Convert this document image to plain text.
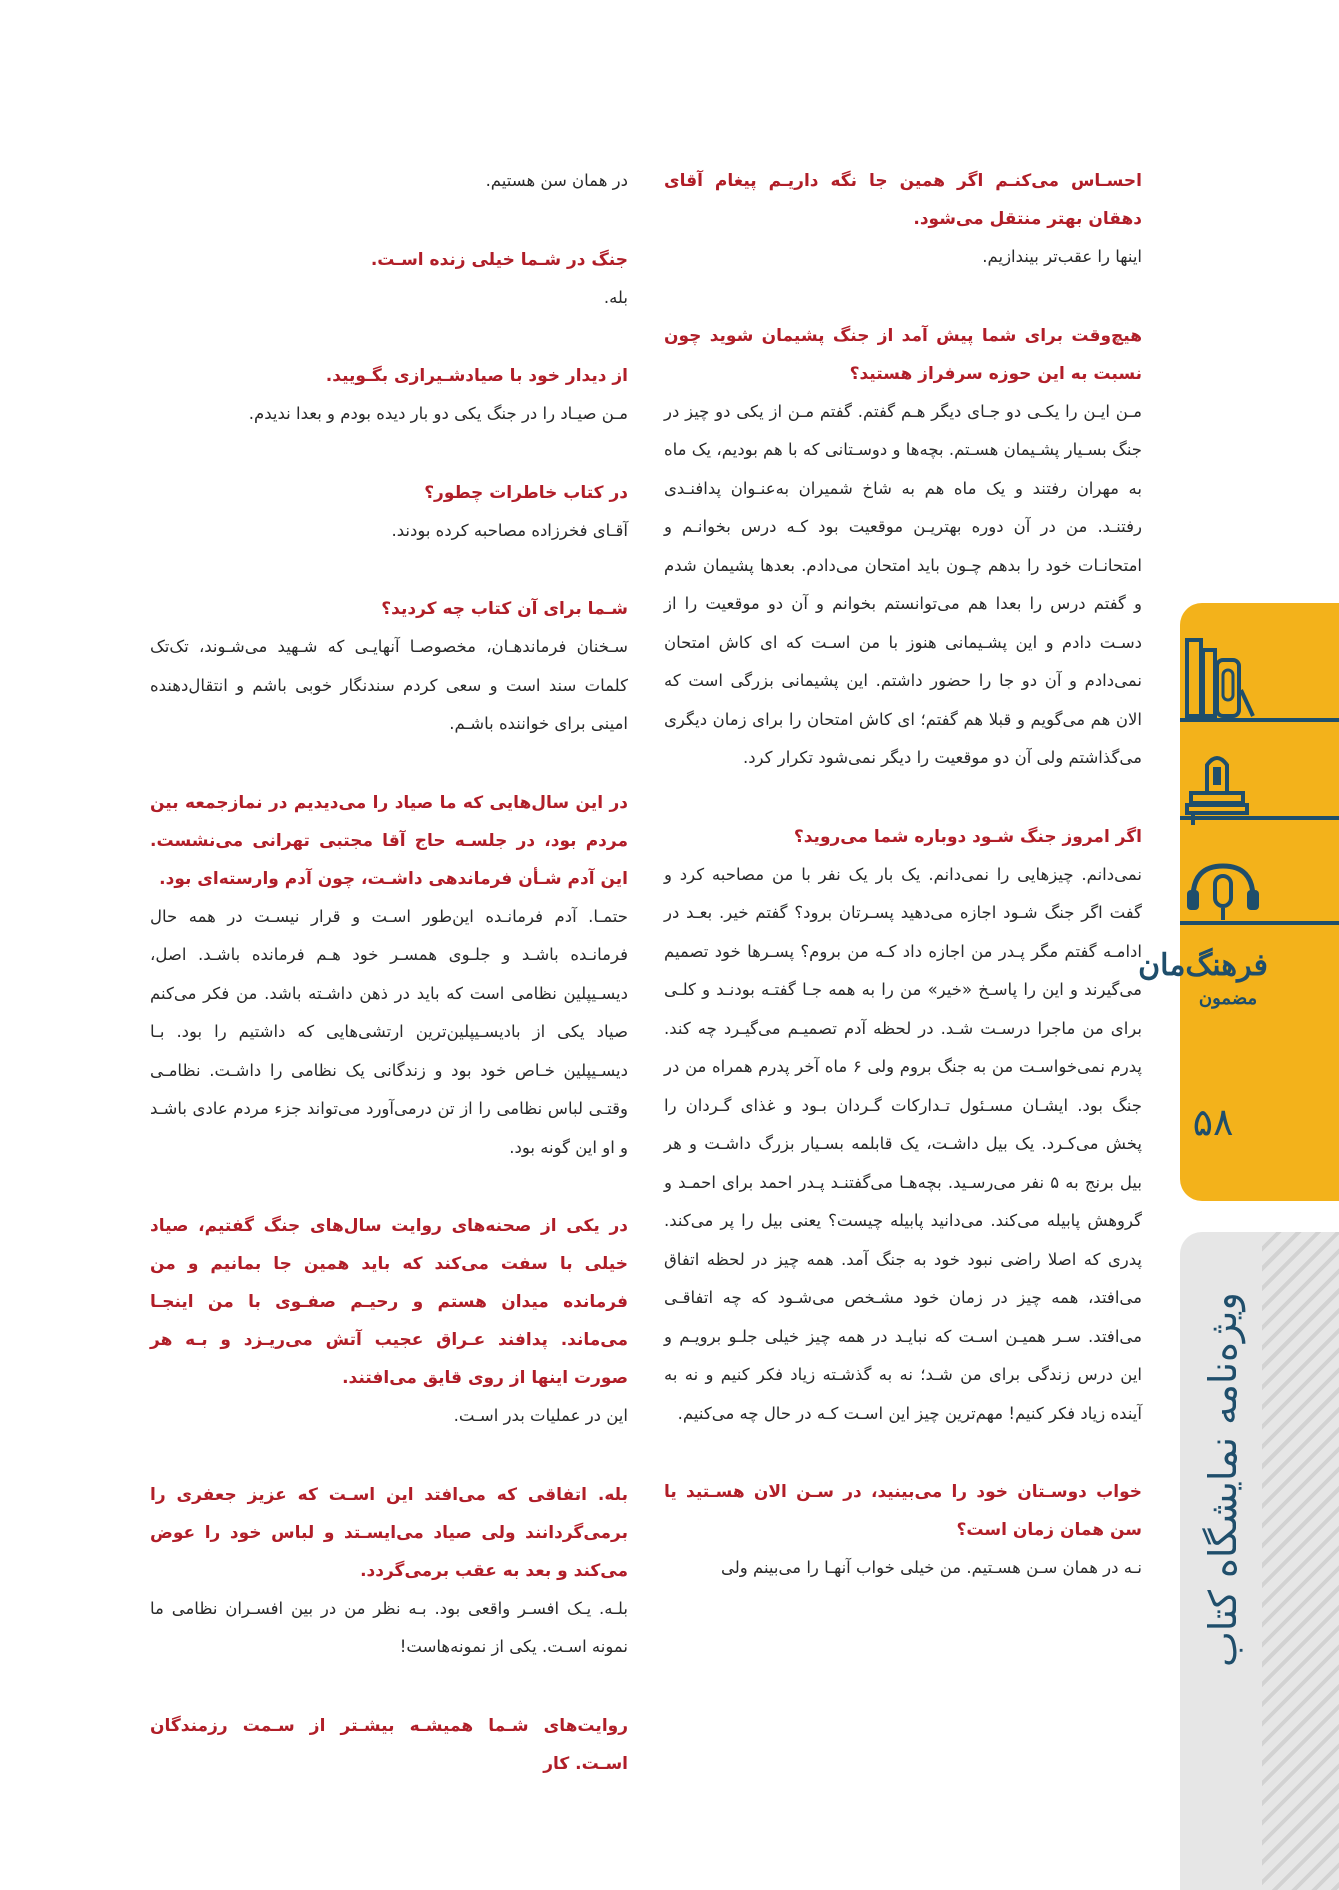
احسـاس می‌کنـم اگر همین جا نگه داریـم پیغام آقای دهقان بهتر منتقل می‌شود.

اینها را عقب‌تر بیندازیم.

هیچ‌وقت برای شما پیش آمد از جنگ پشیمان شوید چون نسبت به این حوزه سرفراز هستید؟

مـن ایـن را یکـی دو جـای دیگر هـم گفتم. گفتم مـن از یکی دو چیز در جنگ بسـیار پشـیمان هسـتم. بچه‌ها و دوسـتانی که با هم بودیم، یک ماه به مهران رفتند و یک ماه هم به شاخ شمیران به‌عنـوان پدافنـدی رفتنـد. من در آن دوره بهتریـن موقعیت بود کـه درس بخوانـم و امتحانـات خود را بدهم چـون باید امتحان می‌دادم. بعدها پشیمان شدم و گفتم درس را بعدا هم می‌توانستم بخوانم و آن دو موقعیت را از دسـت دادم و این پشـیمانی هنوز با من اسـت که ای کاش امتحان نمی‌دادم و آن دو جا را حضور داشتم. این پشیمانی بزرگی است که الان هم می‌گویم و قبلا هم گفتم؛ ای کاش امتحان را برای زمان دیگری می‌گذاشتم ولی آن دو موقعیت را دیگر نمی‌شود تکرار کرد.

اگر امروز جنگ شـود دوباره شما می‌روید؟

نمی‌دانم. چیزهایی را نمی‌دانم. یک بار یک نفر با من مصاحبه کرد و گفت اگر جنگ شـود اجازه می‌دهید پسـرتان برود؟ گفتم خیر. بعـد در ادامـه گفتم مگر پـدر من اجازه داد کـه من بروم؟ پسـرها خود تصمیم می‌گیرند و این را پاسـخ «خیر» من را به همه جـا گفتـه بودنـد و کلـی برای من ماجرا درسـت شـد. در لحظه آدم تصمیـم می‌گیـرد چه کند. پدرم نمی‌خواسـت من به جنگ بروم ولی ۶ ماه آخر پدرم همراه من در جنگ بود. ایشـان مسـئول تـدارکات گـردان بـود و غذای گـردان را پخش می‌کـرد. یک بیل داشـت، یک قابلمه بسـیار بزرگ داشـت و هر بیل برنج به ۵ نفر می‌رسـید. بچه‌هـا می‌گفتنـد پـدر احمد برای احمـد و گروهش پابیله می‌کند. می‌دانید پابیله چیست؟ یعنی بیل را پر می‌کند. پدری که اصلا راضی نبود خود به جنگ آمد. همه چیز در لحظه اتفاق می‌افتد، همه چیز در زمان خود مشـخص می‌شـود که چه اتفاقـی می‌افتد. سـر همیـن اسـت که نبایـد در همه چیز خیلی جلـو برویـم و این درس زندگی برای من شـد؛ نه به گذشـته زیاد فکر کنیم و نه به آینده زیاد فکر کنیم! مهم‌ترین چیز این اسـت کـه در حال چه می‌کنیم.

خواب دوسـتان خود را می‌بینید، در سـن الان هسـتید یا سن همان زمان است؟

نـه در همان سـن هسـتیم. من خیلی خواب آنهـا را می‌بینم ولی

در همان سن هستیم.

جنگ در شـما خیلی زنده اسـت.

بله.

از دیدار خود با صیادشـیرازی بگـویید.

مـن صیـاد را در جنگ یکی دو بار دیده بودم و بعدا ندیدم.

در کتاب خاطرات چطور؟

آقـای فخرزاده مصاحبه کرده بودند.

شـما برای آن کتاب چه کردید؟

سـخنان فرماندهـان، مخصوصـا آنهایـی که شـهید می‌شـوند، تک‌تک کلمات سند است و سعی کردم سندنگار خوبی باشم و انتقال‌دهنده امینی برای خواننده باشـم.

در این سال‌هایی که ما صیاد را می‌دیدیم در نمازجمعه بین مردم بود، در جلسـه حاج آقا مجتبی تهرانی می‌نشست. این آدم شـأن فرماندهی داشـت، چون آدم وارسته‌ای بود.

حتمـا. آدم فرمانـده این‌طور اسـت و قرار نیسـت در همه حال فرمانـده باشـد و جلـوی همسـر خود هـم فرمانده باشـد. اصل، دیسـیپلین نظامی است که باید در ذهن داشـته باشد. من فکر می‌کنم صیاد یکی از بادیسـیپلین‌ترین ارتشی‌هایی که داشتیم را بود. بـا دیسـیپلین خـاص خود بود و زندگانی یک نظامی را داشـت. نظامـی وقتـی لباس نظامی را از تن درمی‌آورد می‌تواند جزء مردم عادی باشـد و او این گونه بود.

در یکی از صحنه‌های روایت سال‌های جنگ گفتیم، صیاد خیلی با سفت می‌کند که باید همین جا بمانیم و من فرمانده میدان هستم و رحیـم صفـوی با من اینجـا می‌ماند. پدافند عـراق عجیب آتش می‌ریـزد و بـه هر صورت اینها از روی قایق می‌افتند.

این در عملیات بدر اسـت.

بله. اتفاقی که می‌افتد این اسـت که عزیز جعفری را برمی‌گردانند ولی صیاد می‌ایسـتد و لباس خود را عوض می‌کند و بعد به عقب برمی‌گردد.

بلـه. یـک افسـر واقعی بود. بـه نظر من در بین افسـران نظامی ما نمونه اسـت. یکی از نمونه‌هاست!

روایت‌های شـما همیشـه بیشـتر از سـمت رزمندگان اسـت. کار

فرهنگ‌مان
مضمون
۵۸
ویژه‌نامه نمایشگاه کتاب
